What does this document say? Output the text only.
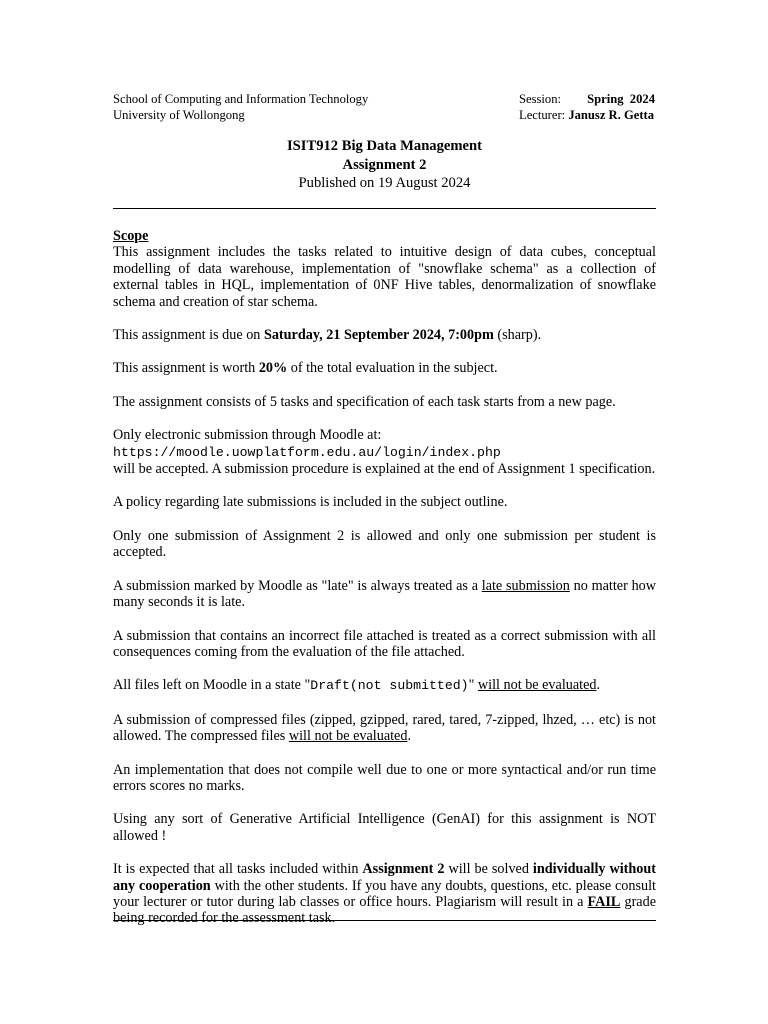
School of Computing and Information Technology
University of Wollongong
Session: Spring  2024
Lecturer:
Janusz R. Getta
ISIT912 Big Data Management
Assignment 2
Published on 19 August 2024

Scope
This assignment includes the tasks related to intuitive design of data cubes, conceptual modelling of data warehouse, implementation of "snowflake schema" as a collection of external tables in HQL, implementation of 0NF Hive tables, denormalization of snowflake schema and creation of star schema.

This assignment is due on Saturday, 21 September 2024, 7:00pm (sharp).

This assignment is worth 20% of the total evaluation in the subject.

The assignment consists of 5 tasks and specification of each task starts from a new page.

Only electronic submission through Moodle at:
https://moodle.uowplatform.edu.au/login/index.php
will be accepted. A submission procedure is explained at the end of Assignment 1 specification.

A policy regarding late submissions is included in the subject outline.

Only one submission of Assignment 2 is allowed and only one submission per student is accepted.

A submission marked by Moodle as "late" is always treated as a late submission no matter how many seconds it is late.

A submission that contains an incorrect file attached is treated as a correct submission with all consequences coming from the evaluation of the file attached.

All files left on Moodle in a state "Draft(not submitted)" will not be evaluated.

A submission of compressed files (zipped, gzipped, rared, tared, 7-zipped, lhzed, … etc) is not allowed. The compressed files will not be evaluated.

An implementation that does not compile well due to one or more syntactical and/or run time errors scores no marks.

Using any sort of Generative Artificial Intelligence (GenAI) for this assignment is NOT allowed !

It is expected that all tasks included within Assignment 2 will be solved individually without any cooperation with the other students. If you have any doubts, questions, etc. please consult your lecturer or tutor during lab classes or office hours. Plagiarism will result in a FAIL grade being recorded for the assessment task.
